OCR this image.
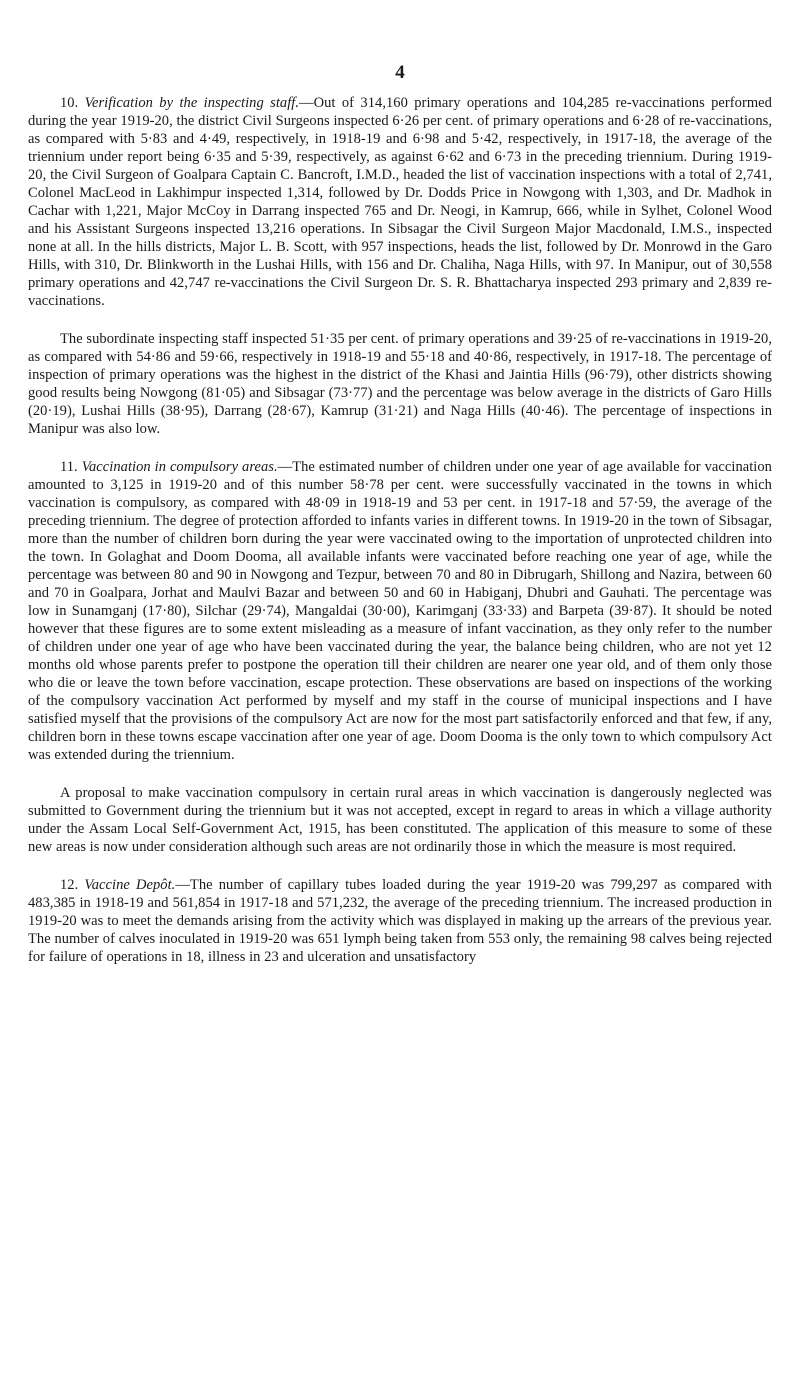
4

10. Verification by the inspecting staff.—Out of 314,160 primary operations and 104,285 re-vaccinations performed during the year 1919-20, the district Civil Surgeons inspected 6·26 per cent. of primary operations and 6·28 of re-vaccinations, as compared with 5·83 and 4·49, respectively, in 1918-19 and 6·98 and 5·42, respectively, in 1917-18, the average of the triennium under report being 6·35 and 5·39, respectively, as against 6·62 and 6·73 in the preceding triennium. During 1919-20, the Civil Surgeon of Goalpara Captain C. Bancroft, I.M.D., headed the list of vaccination inspections with a total of 2,741, Colonel MacLeod in Lakhimpur inspected 1,314, followed by Dr. Dodds Price in Nowgong with 1,303, and Dr. Madhok in Cachar with 1,221, Major McCoy in Darrang inspected 765 and Dr. Neogi, in Kamrup, 666, while in Sylhet, Colonel Wood and his Assistant Surgeons inspected 13,216 operations. In Sibsagar the Civil Surgeon Major Macdonald, I.M.S., inspected none at all. In the hills districts, Major L. B. Scott, with 957 inspections, heads the list, followed by Dr. Monrowd in the Garo Hills, with 310, Dr. Blinkworth in the Lushai Hills, with 156 and Dr. Chaliha, Naga Hills, with 97. In Manipur, out of 30,558 primary operations and 42,747 re-vaccinations the Civil Surgeon Dr. S. R. Bhattacharya inspected 293 primary and 2,839 re-vaccinations.

The subordinate inspecting staff inspected 51·35 per cent. of primary operations and 39·25 of re-vaccinations in 1919-20, as compared with 54·86 and 59·66, respectively in 1918-19 and 55·18 and 40·86, respectively, in 1917-18. The percentage of inspection of primary operations was the highest in the district of the Khasi and Jaintia Hills (96·79), other districts showing good results being Nowgong (81·05) and Sibsagar (73·77) and the percentage was below average in the districts of Garo Hills (20·19), Lushai Hills (38·95), Darrang (28·67), Kamrup (31·21) and Naga Hills (40·46). The percentage of inspections in Manipur was also low.

11. Vaccination in compulsory areas.—The estimated number of children under one year of age available for vaccination amounted to 3,125 in 1919-20 and of this number 58·78 per cent. were successfully vaccinated in the towns in which vaccination is compulsory, as compared with 48·09 in 1918-19 and 53 per cent. in 1917-18 and 57·59, the average of the preceding triennium. The degree of protection afforded to infants varies in different towns. In 1919-20 in the town of Sibsagar, more than the number of children born during the year were vaccinated owing to the importation of unprotected children into the town. In Golaghat and Doom Dooma, all available infants were vaccinated before reaching one year of age, while the percentage was between 80 and 90 in Nowgong and Tezpur, between 70 and 80 in Dibrugarh, Shillong and Nazira, between 60 and 70 in Goalpara, Jorhat and Maulvi Bazar and between 50 and 60 in Habiganj, Dhubri and Gauhati. The percentage was low in Sunamganj (17·80), Silchar (29·74), Mangaldai (30·00), Karimganj (33·33) and Barpeta (39·87). It should be noted however that these figures are to some extent misleading as a measure of infant vaccination, as they only refer to the number of children under one year of age who have been vaccinated during the year, the balance being children, who are not yet 12 months old whose parents prefer to postpone the operation till their children are nearer one year old, and of them only those who die or leave the town before vaccination, escape protection. These observations are based on inspections of the working of the compulsory vaccination Act performed by myself and my staff in the course of municipal inspections and I have satisfied myself that the provisions of the compulsory Act are now for the most part satisfactorily enforced and that few, if any, children born in these towns escape vaccination after one year of age. Doom Dooma is the only town to which compulsory Act was extended during the triennium.

A proposal to make vaccination compulsory in certain rural areas in which vaccination is dangerously neglected was submitted to Government during the triennium but it was not accepted, except in regard to areas in which a village authority under the Assam Local Self-Government Act, 1915, has been constituted. The application of this measure to some of these new areas is now under consideration although such areas are not ordinarily those in which the measure is most required.

12. Vaccine Depôt.—The number of capillary tubes loaded during the year 1919-20 was 799,297 as compared with 483,385 in 1918-19 and 561,854 in 1917-18 and 571,232, the average of the preceding triennium. The increased production in 1919-20 was to meet the demands arising from the activity which was displayed in making up the arrears of the previous year. The number of calves inoculated in 1919-20 was 651 lymph being taken from 553 only, the remaining 98 calves being rejected for failure of operations in 18, illness in 23 and ulceration and unsatisfactory
